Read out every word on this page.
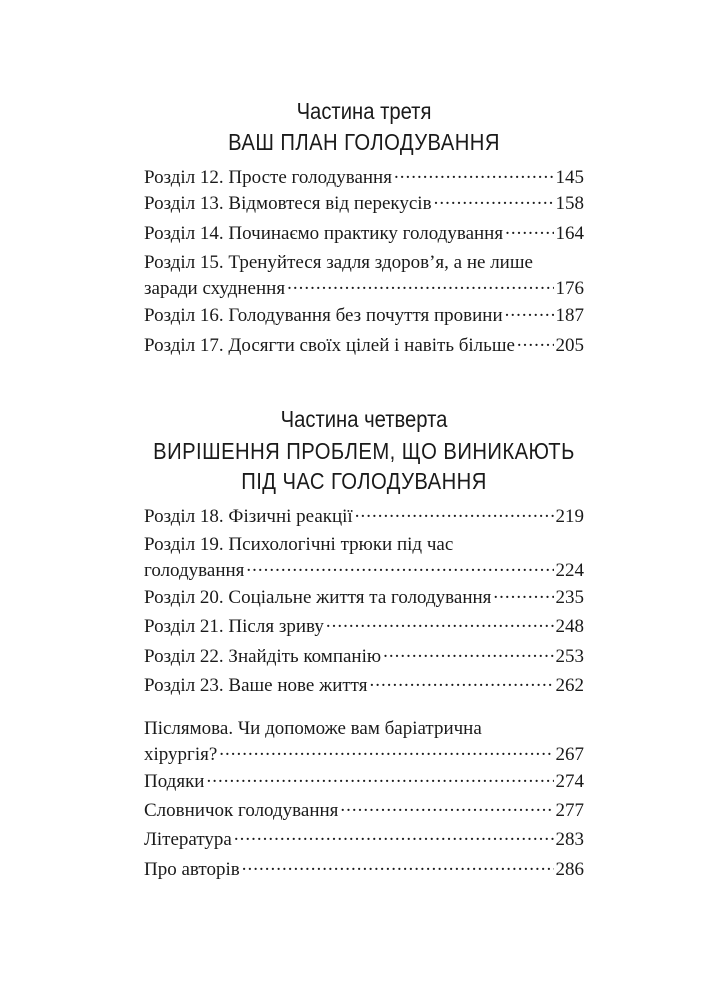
Частина третя
ВАШ ПЛАН ГОЛОДУВАННЯ
Розділ 12. Просте голодування .....	145
Розділ 13. Відмовтеся від перекусів .....	158
Розділ 14. Починаємо практику голодування .....	164
Розділ 15. Тренуйтеся задля здоров’я, а не лише
заради схуднення .....	176
Розділ 16. Голодування без почуття провини .....	187
Розділ 17. Досягти своїх цілей і навіть більше ..... 205
Частина четверта
ВИРІШЕННЯ ПРОБЛЕМ, ЩО ВИНИКАЮТЬ
ПІД ЧАС ГОЛОДУВАННЯ
Розділ 18. Фізичні реакції .....	219
Розділ 19. Психологічні трюки під час
голодування .....	224
Розділ 20. Соціальне життя та голодування .....	235
Розділ 21. Після зриву .....	248
Розділ 22. Знайдіть компанію .....	253
Розділ 23. Ваше нове життя .....	262
Післямова. Чи допоможе вам баріатрична
хірургія? .....	267
Подяки .....	274
Словничок голодування .....	277
Література .....	283
Про авторів .....	286
